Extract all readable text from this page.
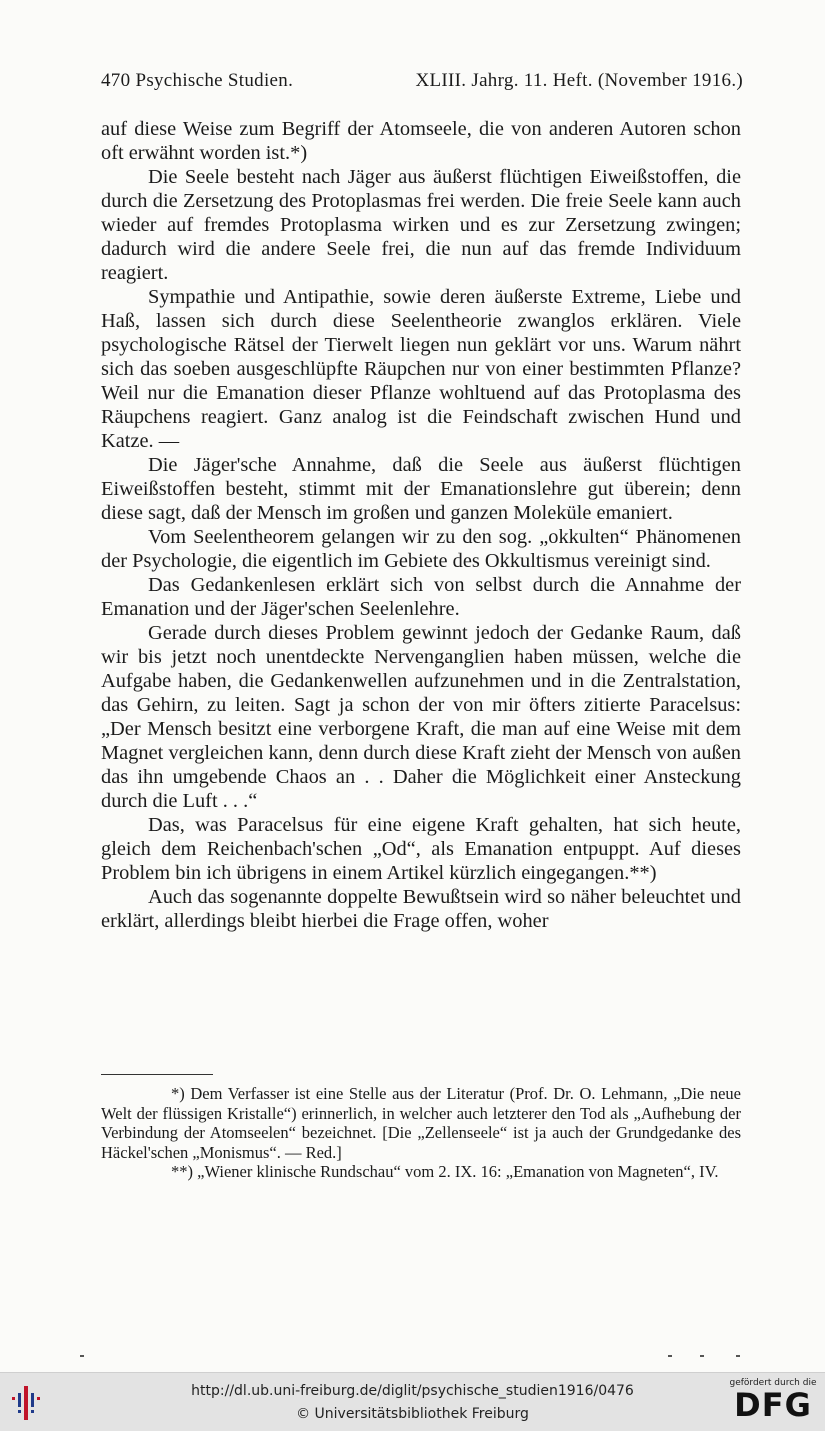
470 Psychische Studien.	XLIII. Jahrg. 11. Heft. (November 1916.)

auf diese Weise zum Begriff der Atomseele, die von anderen Autoren schon oft erwähnt worden ist.*)

Die Seele besteht nach Jäger aus äußerst flüchtigen Eiweißstoffen, die durch die Zersetzung des Protoplasmas frei werden. Die freie Seele kann auch wieder auf fremdes Protoplasma wirken und es zur Zersetzung zwingen; dadurch wird die andere Seele frei, die nun auf das fremde Individuum reagiert.

Sympathie und Antipathie, sowie deren äußerste Extreme, Liebe und Haß, lassen sich durch diese Seelentheorie zwanglos erklären. Viele psychologische Rätsel der Tierwelt liegen nun geklärt vor uns. Warum nährt sich das soeben ausgeschlüpfte Räupchen nur von einer bestimmten Pflanze? Weil nur die Emanation dieser Pflanze wohltuend auf das Protoplasma des Räupchens reagiert. Ganz analog ist die Feindschaft zwischen Hund und Katze. —

Die Jäger'sche Annahme, daß die Seele aus äußerst flüchtigen Eiweißstoffen besteht, stimmt mit der Emanationslehre gut überein; denn diese sagt, daß der Mensch im großen und ganzen Moleküle emaniert.

Vom Seelentheorem gelangen wir zu den sog. „okkulten“ Phänomenen der Psychologie, die eigentlich im Gebiete des Okkultismus vereinigt sind.

Das Gedankenlesen erklärt sich von selbst durch die Annahme der Emanation und der Jäger'schen Seelenlehre.

Gerade durch dieses Problem gewinnt jedoch der Gedanke Raum, daß wir bis jetzt noch unentdeckte Nervenganglien haben müssen, welche die Aufgabe haben, die Gedankenwellen aufzunehmen und in die Zentralstation, das Gehirn, zu leiten. Sagt ja schon der von mir öfters zitierte Paracelsus: „Der Mensch besitzt eine verborgene Kraft, die man auf eine Weise mit dem Magnet vergleichen kann, denn durch diese Kraft zieht der Mensch von außen das ihn umgebende Chaos an . . Daher die Möglichkeit einer Ansteckung durch die Luft . . .“

Das, was Paracelsus für eine eigene Kraft gehalten, hat sich heute, gleich dem Reichenbach'schen „Od“, als Emanation entpuppt. Auf dieses Problem bin ich übrigens in einem Artikel kürzlich eingegangen.**)

Auch das sogenannte doppelte Bewußtsein wird so näher beleuchtet und erklärt, allerdings bleibt hierbei die Frage offen, woher

*) Dem Verfasser ist eine Stelle aus der Literatur (Prof. Dr. O. Lehmann, „Die neue Welt der flüssigen Kristalle“) erinnerlich, in welcher auch letzterer den Tod als „Aufhebung der Verbindung der Atomseelen“ bezeichnet. [Die „Zellenseele“ ist ja auch der Grundgedanke des Häckel'schen „Monismus“. — Red.]

**) „Wiener klinische Rundschau“ vom 2. IX. 16: „Emanation von Magneten“, IV.

http://dl.ub.uni-freiburg.de/diglit/psychische_studien1916/0476
© Universitätsbibliothek Freiburg
gefördert durch die
DFG
